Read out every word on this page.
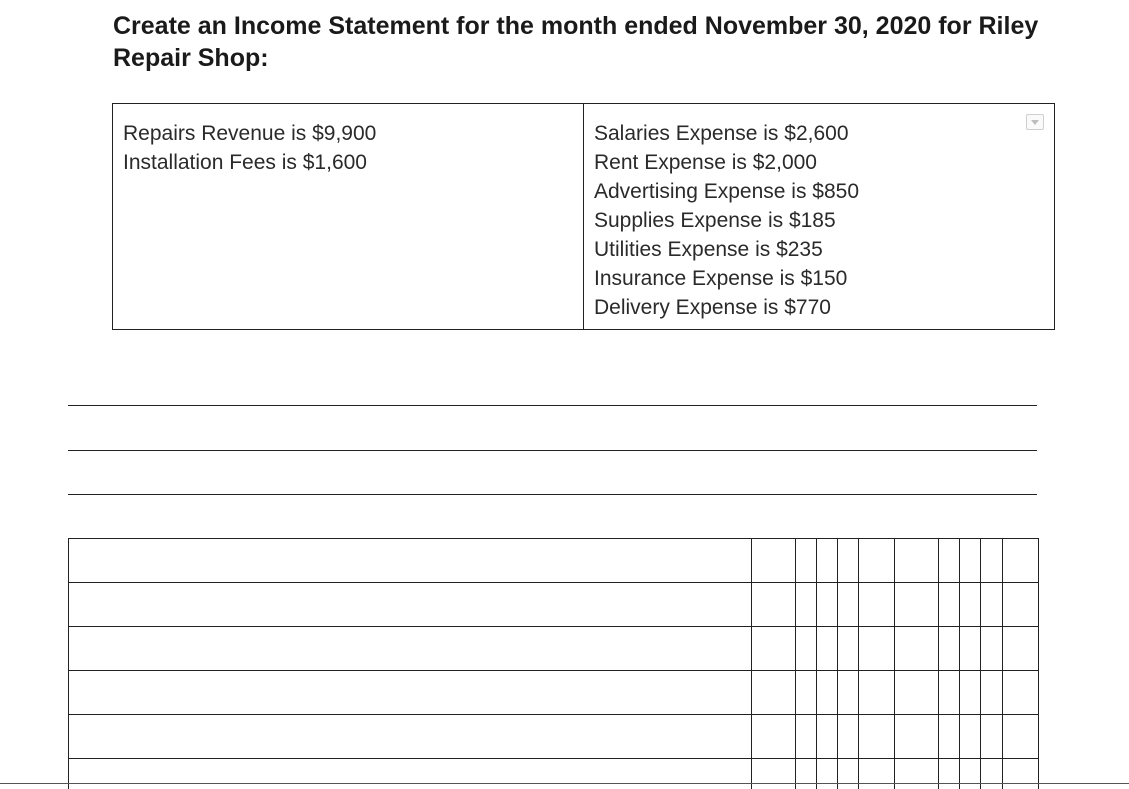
Create an Income Statement for the month ended November 30, 2020 for Riley Repair Shop:
Repairs Revenue is $9,900
Installation Fees is $1,600
Salaries Expense is $2,600
Rent Expense is $2,000
Advertising Expense is $850
Supplies Expense is $185
Utilities Expense is $235
Insurance Expense is $150
Delivery Expense is $770
